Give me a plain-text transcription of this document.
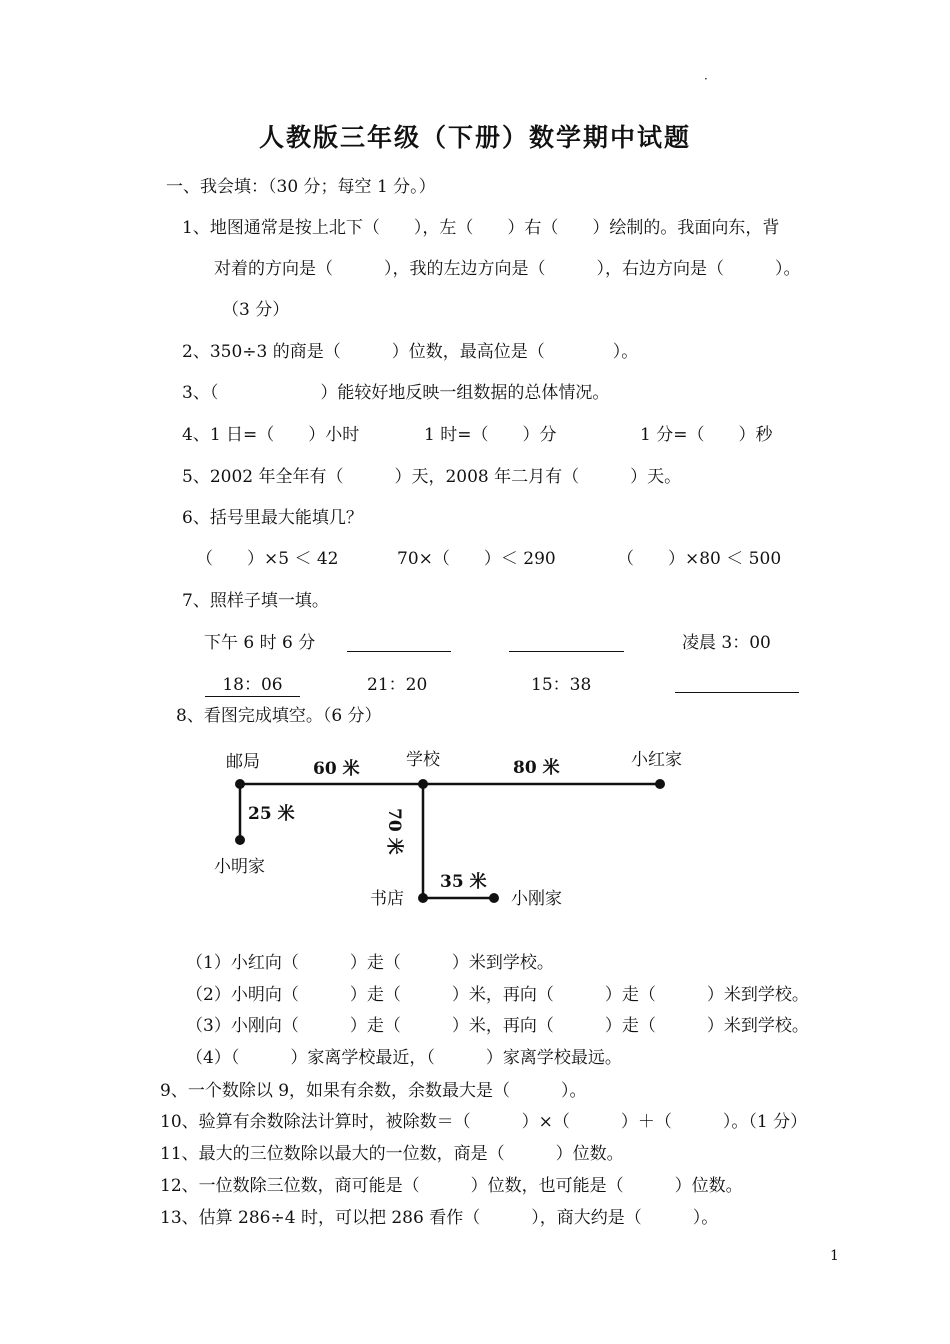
·
人教版三年级（下册）数学期中试题
一、我会填：（30 分；每空 1 分。）
1、地图通常是按上北下（　　），左（　　）右（　　）绘制的。我面向东，背
对着的方向是（　　　），我的左边方向是（　　　），右边方向是（　　　）。
（3 分）
2、350÷3 的商是（　　　）位数，最高位是（　　　　）。
3、（　　　　　　）能较好地反映一组数据的总体情况。
4、1 日=（　　）小时	1 时=（　　）分	1 分=（　　）秒
5、2002 年全年有（　　　）天，2008 年二月有（　　　）天。
6、括号里最大能填几？
（　　）×5 ＜ 42	70×（　　）＜ 290	（　　）×80 ＜ 500
7、照样子填一填。
下午 6 时 6 分	凌晨 3：00
18：06	21：20	15：38
8、看图完成填空。（6 分）
邮局	学校	小红家
小明家
书店	小刚家
60 米	80 米
25 米
35 米
70 米
（1）小红向（　　　）走（　　　）米到学校。
（2）小明向（　　　）走（　　　）米，再向（　　　）走（　　　）米到学校。
（3）小刚向（　　　）走（　　　）米，再向（　　　）走（　　　）米到学校。
（4）（　　　）家离学校最近，（　　　）家离学校最远。
9、一个数除以 9，如果有余数，余数最大是（　　　）。
10、验算有余数除法计算时，被除数＝（　　　）×（　　　）＋（　　　）。（1 分）
11、最大的三位数除以最大的一位数，商是（　　　）位数。
12、一位数除三位数，商可能是（　　　）位数，也可能是（　　　）位数。
13、估算 286÷4 时，可以把 286 看作（　　　），商大约是（　　　）。
1
